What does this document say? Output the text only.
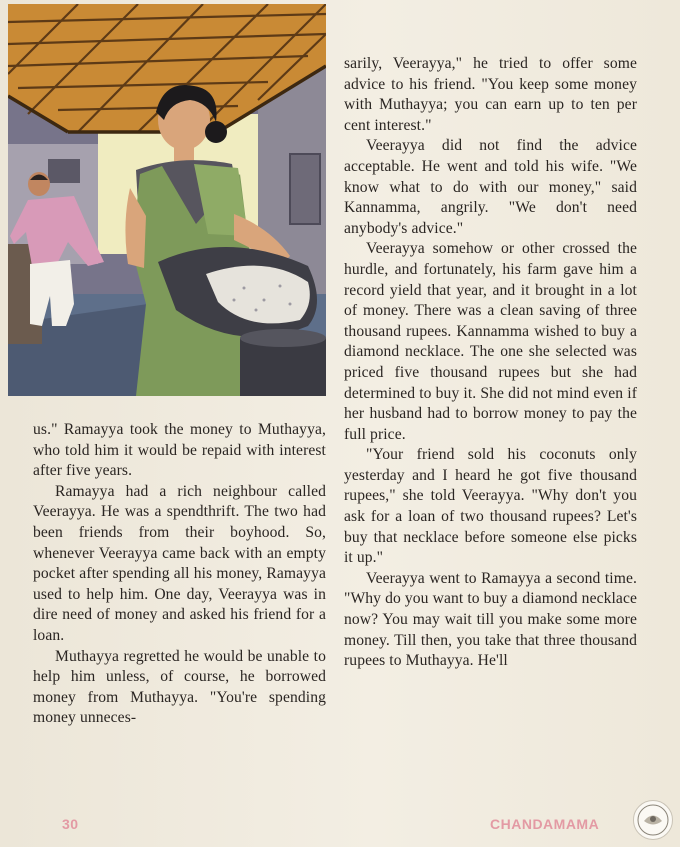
us." Ramayya took the money to Muthayya, who told him it would be repaid with interest after five years.

Ramayya had a rich neighbour called Veerayya. He was a spendthrift. The two had been friends from their boyhood. So, whenever Veerayya came back with an empty pocket after spending all his money, Ramayya used to help him. One day, Veerayya was in dire need of money and asked his friend for a loan.

Muthayya regretted he would be unable to help him unless, of course, he borrowed money from Muthayya. "You're spending money unneces-

sarily, Veerayya," he tried to offer some advice to his friend. "You keep some money with Muthayya; you can earn up to ten per cent interest."

Veerayya did not find the advice acceptable. He went and told his wife. "We know what to do with our money," said Kannamma, angrily. "We don't need anybody's advice."

Veerayya somehow or other crossed the hurdle, and fortunately, his farm gave him a record yield that year, and it brought in a lot of money. There was a clean saving of three thousand rupees. Kannamma wished to buy a diamond necklace. The one she selected was priced five thousand rupees but she had determined to buy it. She did not mind even if her husband had to borrow money to pay the full price.

"Your friend sold his coconuts only yesterday and I heard he got five thousand rupees," she told Veerayya. "Why don't you ask for a loan of two thousand rupees? Let's buy that necklace before someone else picks it up."

Veerayya went to Ramayya a second time. "Why do you want to buy a diamond necklace now? You may wait till you make some more money. Till then, you take that three thousand rupees to Muthayya. He'll

30	CHANDAMAMA
